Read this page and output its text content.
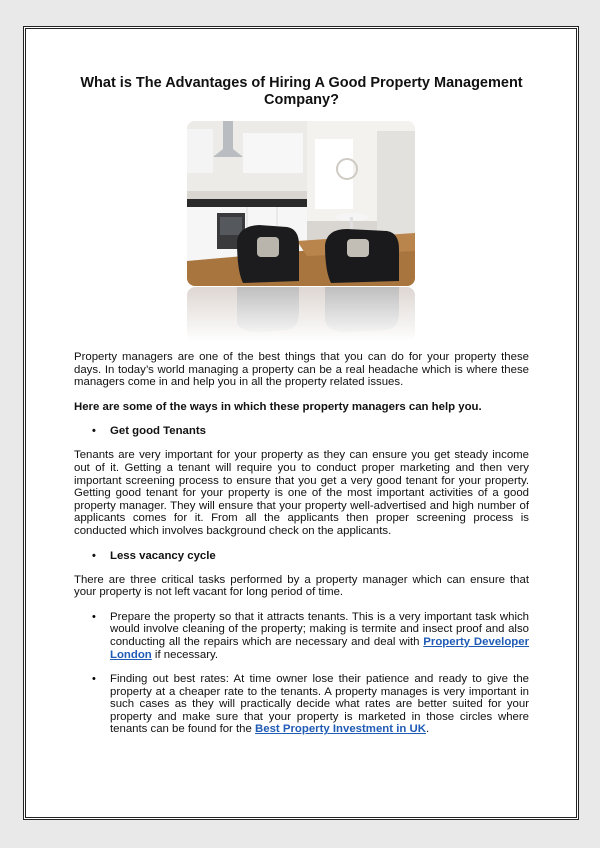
What is The Advantages of Hiring A Good Property Management Company?

Property managers are one of the best things that you can do for your property these days. In today’s world managing a property can be a real headache which is where these managers come in and help you in all the property related issues.

Here are some of the ways in which these property managers can help you.

•	Get good Tenants

Tenants are very important for your property as they can ensure you get steady income out of it. Getting a tenant will require you to conduct proper marketing and then very important screening process to ensure that you get a very good tenant for your property. Getting good tenant for your property is one of the most important activities of a good property manager. They will ensure that your property well-advertised and high number of applicants comes for it. From all the applicants then proper screening process is conducted which involves background check on the applicants.

•	Less vacancy cycle

There are three critical tasks performed by a property manager which can ensure that your property is not left vacant for long period of time.

•	Prepare the property so that it attracts tenants. This is a very important task which would involve cleaning of the property; making is termite and insect proof and also conducting all the repairs which are necessary and deal with Property Developer London if necessary.

•	Finding out best rates: At time owner lose their patience and ready to give the property at a cheaper rate to the tenants. A property manages is very important in such cases as they will practically decide what rates are better suited for your property and make sure that your property is marketed in those circles where tenants can be found for the Best Property Investment in UK.
